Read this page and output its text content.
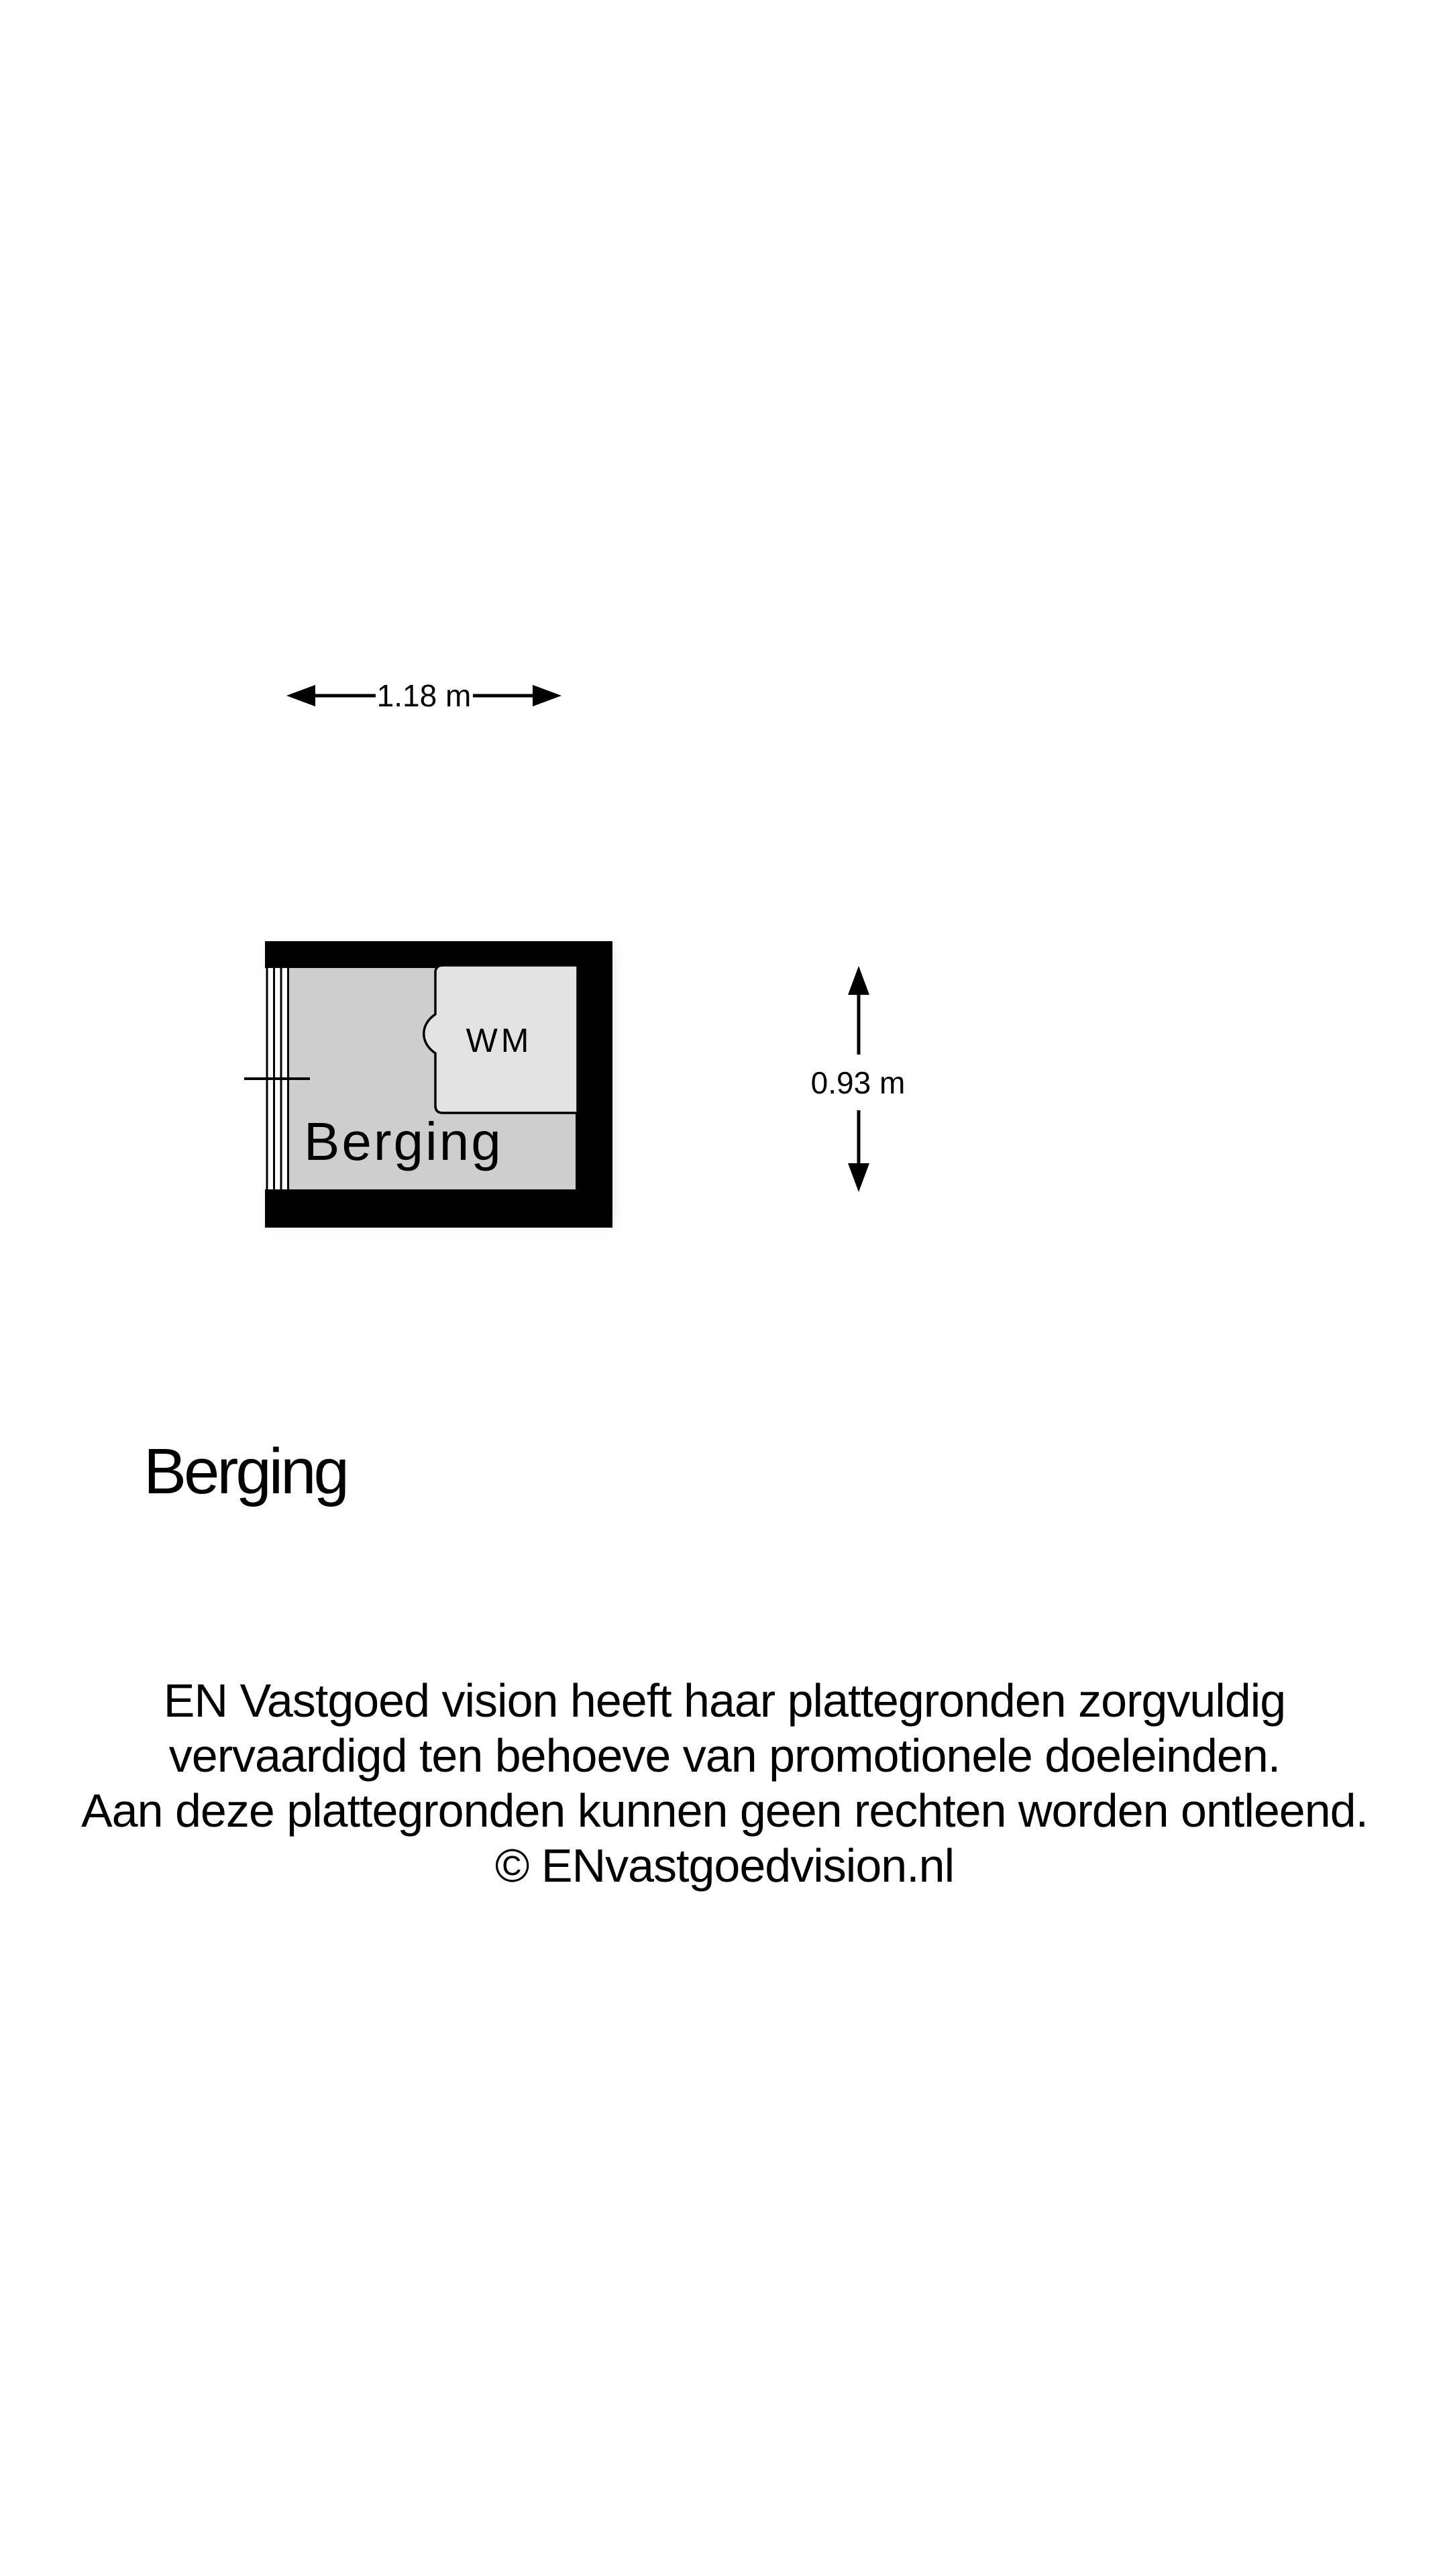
WM
Berging
1.18 m
0.93 m
Berging
EN Vastgoed vision heeft haar plattegronden zorgvuldig
vervaardigd ten behoeve van promotionele doeleinden.
Aan deze plattegronden kunnen geen rechten worden ontleend.
© ENvastgoedvision.nl
